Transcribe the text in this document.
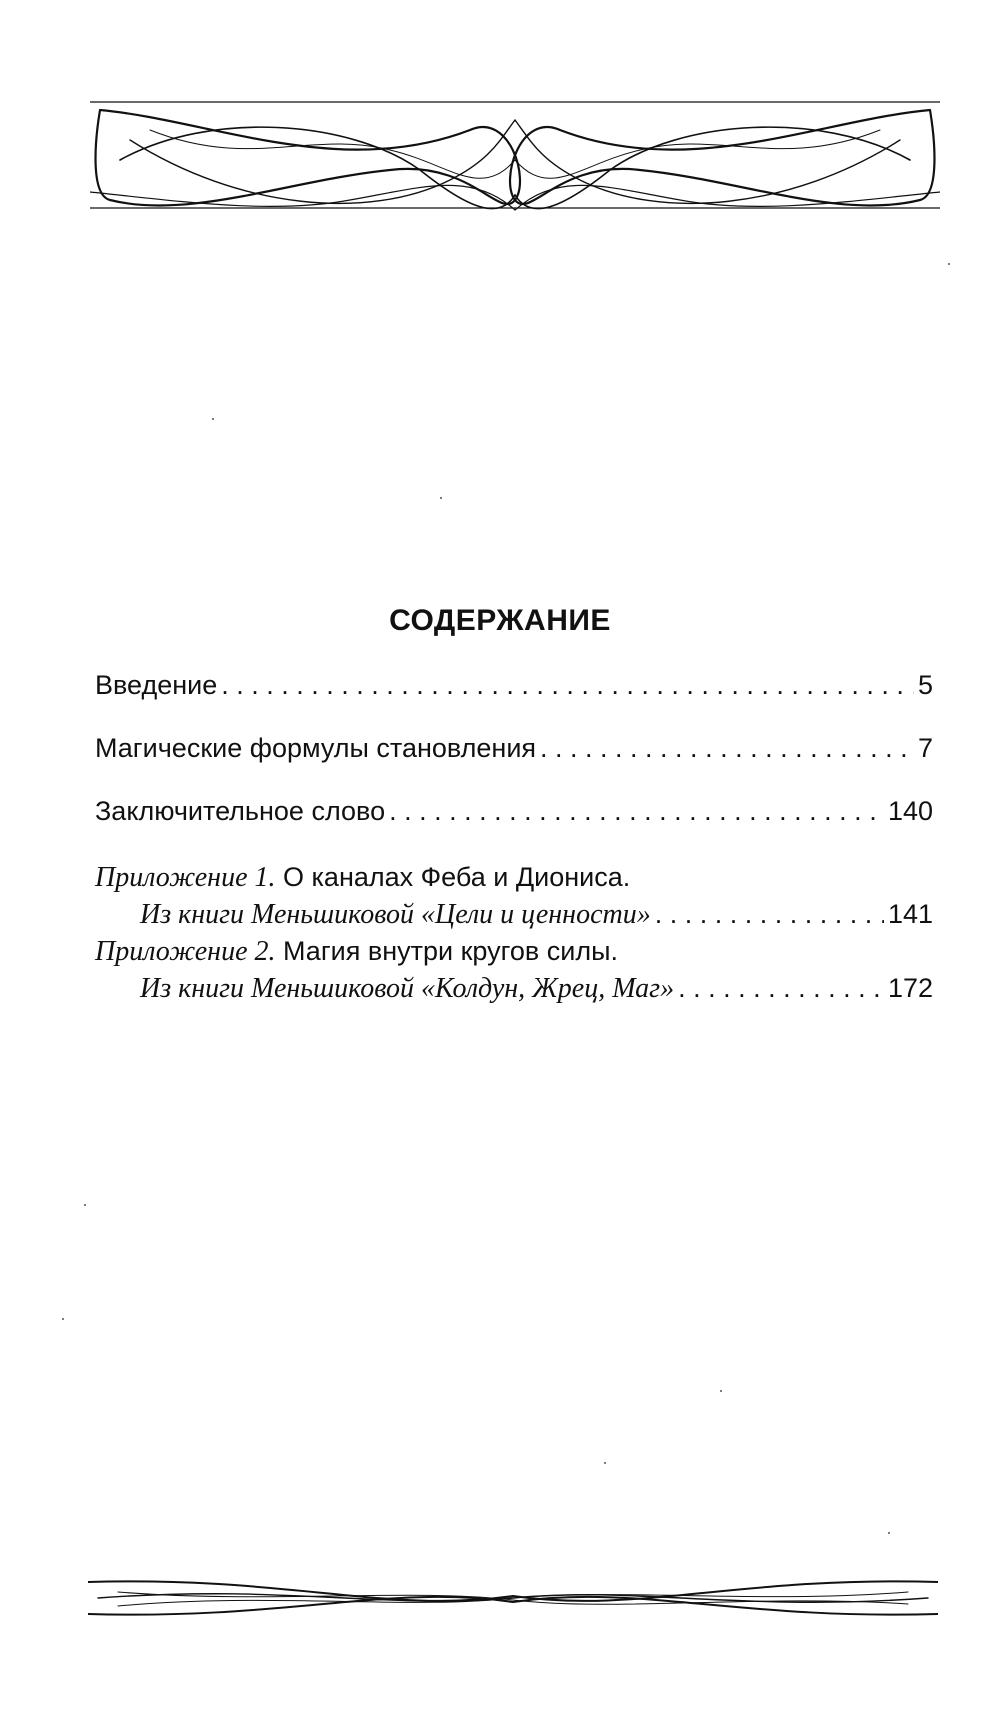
СОДЕРЖАНИЕ
Введение . . .	5
Магические формулы становления . . .	7
Заключительное слово . . .	140
Приложение 1. О каналах Феба и Диониса.
Из книги Меньшиковой «Цели и ценности» . . .	141
Приложение 2. Магия внутри кругов силы.
Из книги Меньшиковой «Колдун, Жрец, Маг» . . .	172
